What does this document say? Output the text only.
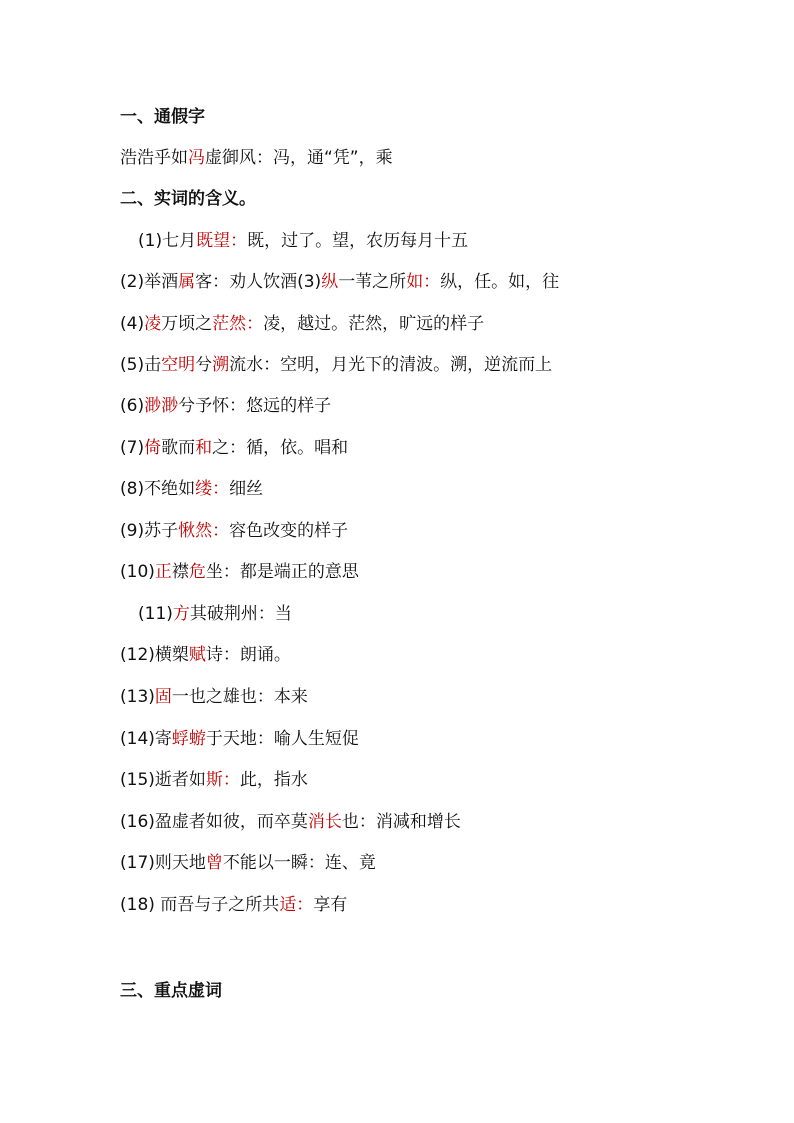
一、通假字
浩浩乎如冯虚御风：冯，通“凭”，乘
二、实词的含义。
(1)七月既望：既，过了。望，农历每月十五
(2)举酒属客：劝人饮酒(3)纵一苇之所如：纵，任。如，往
(4)凌万顷之茫然：凌，越过。茫然，旷远的样子
(5)击空明兮溯流水：空明，月光下的清波。溯，逆流而上
(6)渺渺兮予怀：悠远的样子
(7)倚歌而和之：循，依。唱和
(8)不绝如缕：细丝
(9)苏子愀然：容色改变的样子
(10)正襟危坐：都是端正的意思
(11)方其破荆州：当
(12)横槊赋诗：朗诵。
(13)固一也之雄也：本来
(14)寄蜉蝣于天地：喻人生短促
(15)逝者如斯：此，指水
(16)盈虚者如彼，而卒莫消长也：消减和增长
(17)则天地曾不能以一瞬：连、竟
(18) 而吾与子之所共适：享有
三、重点虚词
